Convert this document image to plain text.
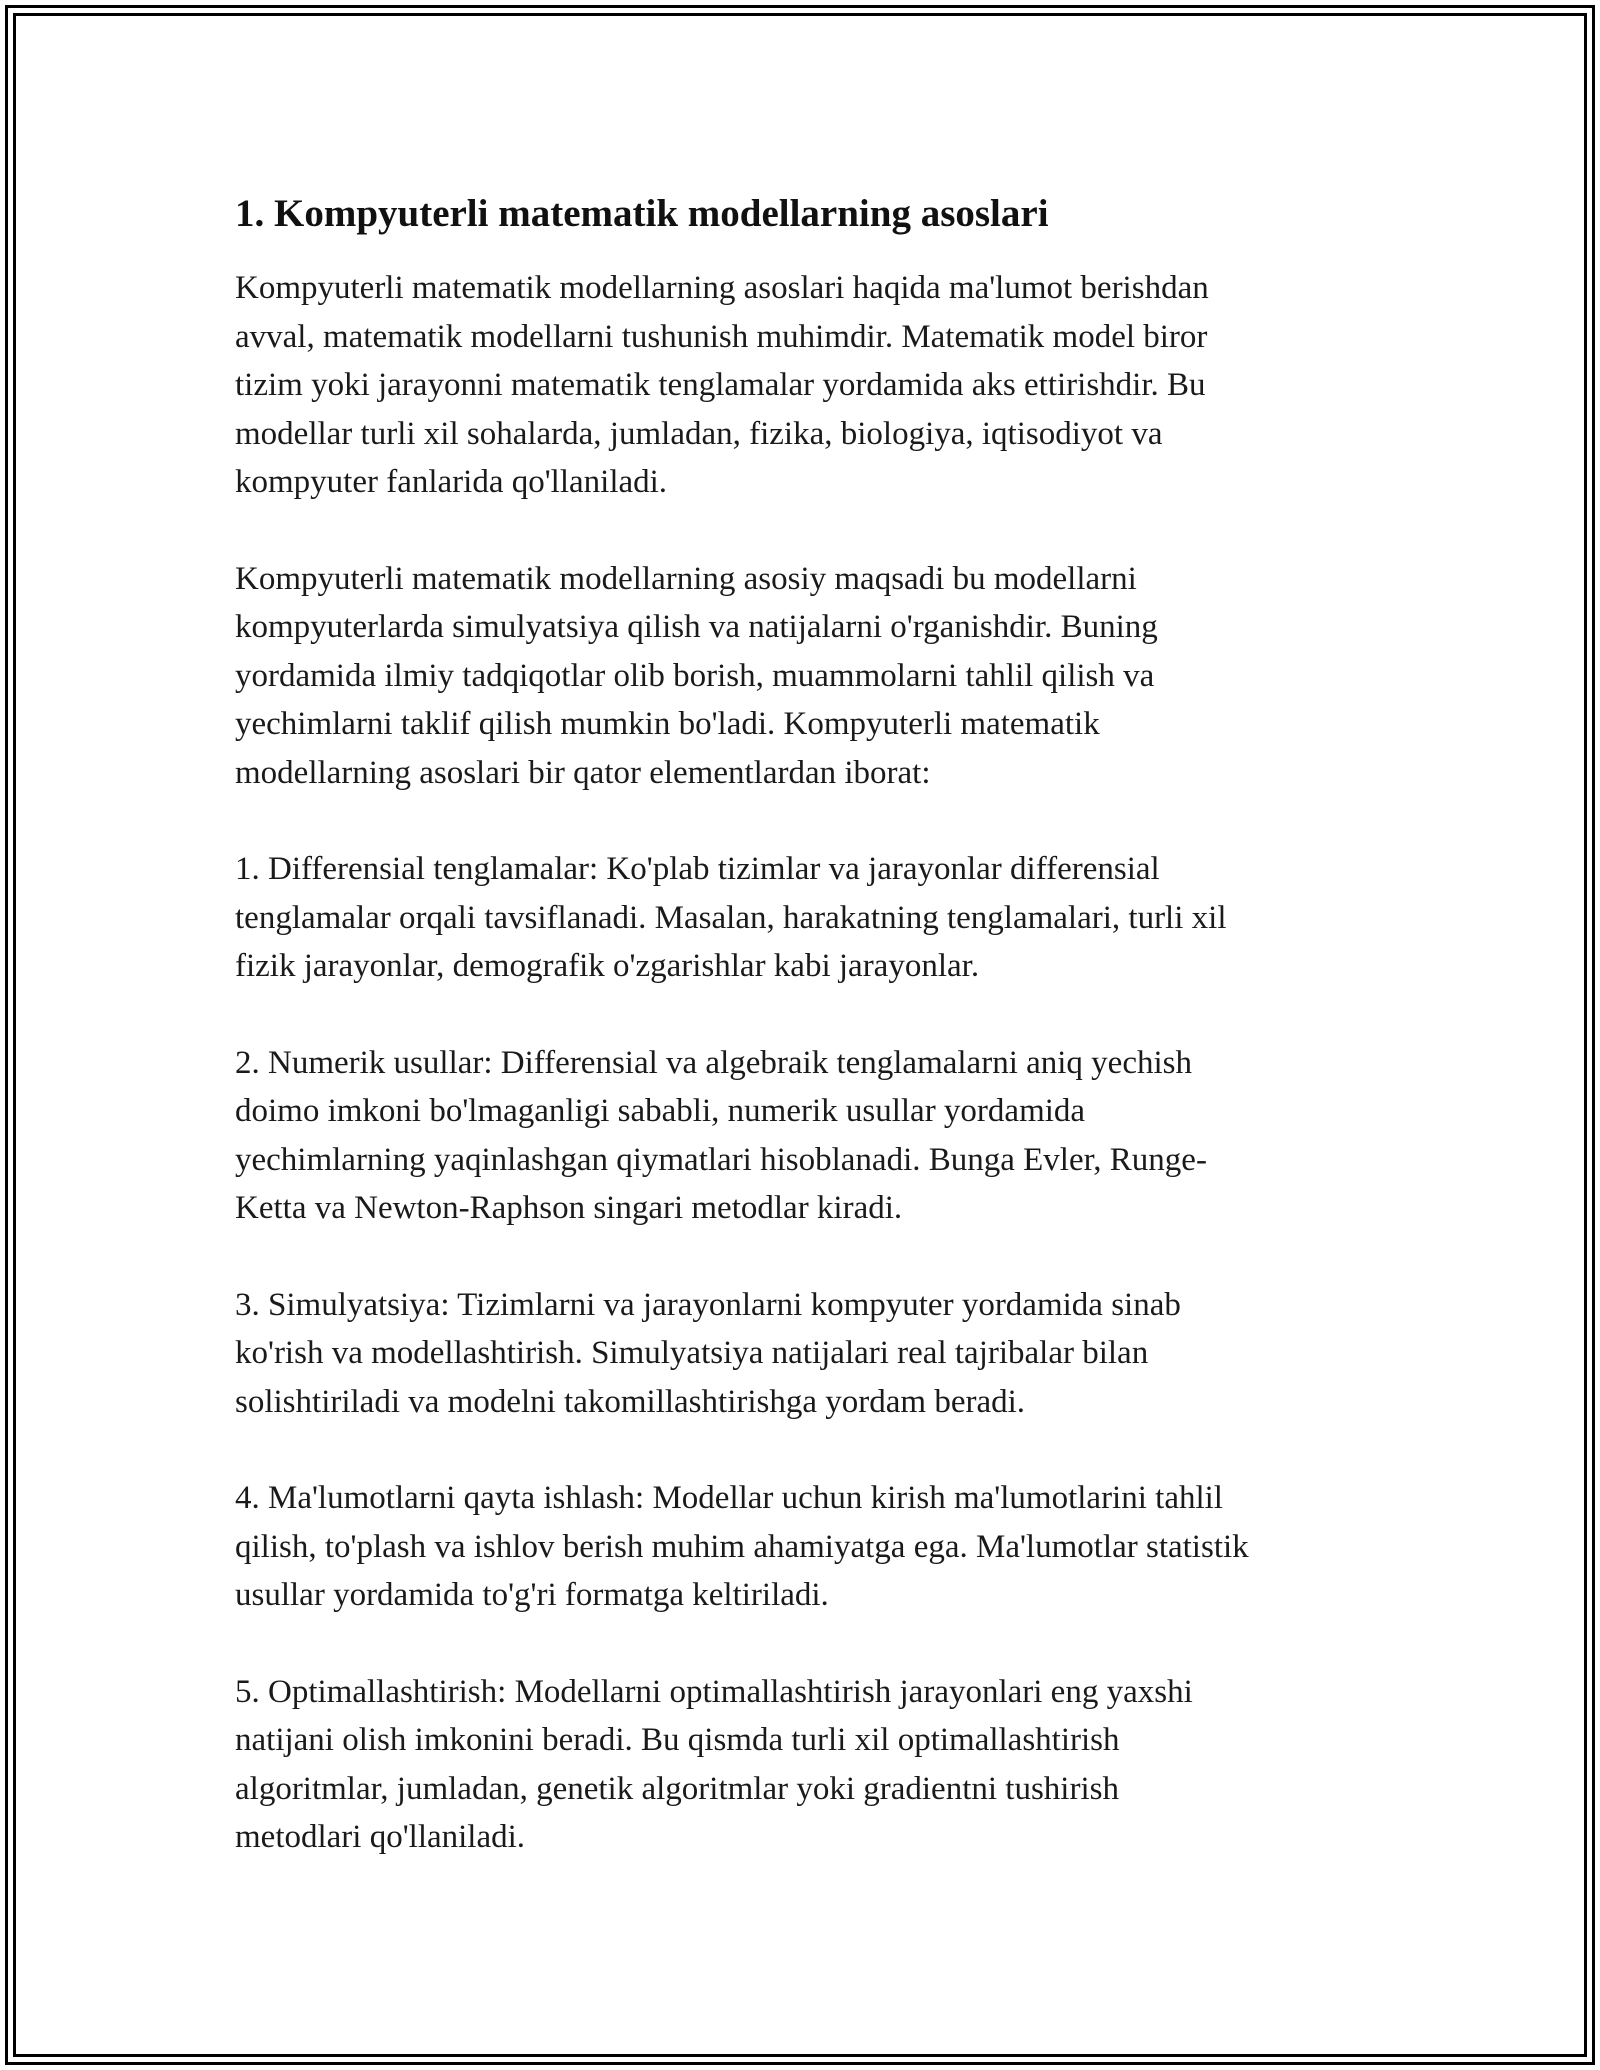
1. Kompyuterli matematik modellarning asoslari

Kompyuterli matematik modellarning asoslari haqida ma'lumot berishdan
avval, matematik modellarni tushunish muhimdir. Matematik model biror
tizim yoki jarayonni matematik tenglamalar yordamida aks ettirishdir. Bu
modellar turli xil sohalarda, jumladan, fizika, biologiya, iqtisodiyot va
kompyuter fanlarida qo'llaniladi.

Kompyuterli matematik modellarning asosiy maqsadi bu modellarni
kompyuterlarda simulyatsiya qilish va natijalarni o'rganishdir. Buning
yordamida ilmiy tadqiqotlar olib borish, muammolarni tahlil qilish va
yechimlarni taklif qilish mumkin bo'ladi. Kompyuterli matematik
modellarning asoslari bir qator elementlardan iborat:

1. Differensial tenglamalar: Ko'plab tizimlar va jarayonlar differensial
tenglamalar orqali tavsiflanadi. Masalan, harakatning tenglamalari, turli xil
fizik jarayonlar, demografik o'zgarishlar kabi jarayonlar.

2. Numerik usullar: Differensial va algebraik tenglamalarni aniq yechish
doimo imkoni bo'lmaganligi sababli, numerik usullar yordamida
yechimlarning yaqinlashgan qiymatlari hisoblanadi. Bunga Evler, Runge-
Ketta va Newton-Raphson singari metodlar kiradi.

3. Simulyatsiya: Tizimlarni va jarayonlarni kompyuter yordamida sinab
ko'rish va modellashtirish. Simulyatsiya natijalari real tajribalar bilan
solishtiriladi va modelni takomillashtirishga yordam beradi.

4. Ma'lumotlarni qayta ishlash: Modellar uchun kirish ma'lumotlarini tahlil
qilish, to'plash va ishlov berish muhim ahamiyatga ega. Ma'lumotlar statistik
usullar yordamida to'g'ri formatga keltiriladi.

5. Optimallashtirish: Modellarni optimallashtirish jarayonlari eng yaxshi
natijani olish imkonini beradi. Bu qismda turli xil optimallashtirish
algoritmlar, jumladan, genetik algoritmlar yoki gradientni tushirish
metodlari qo'llaniladi.
